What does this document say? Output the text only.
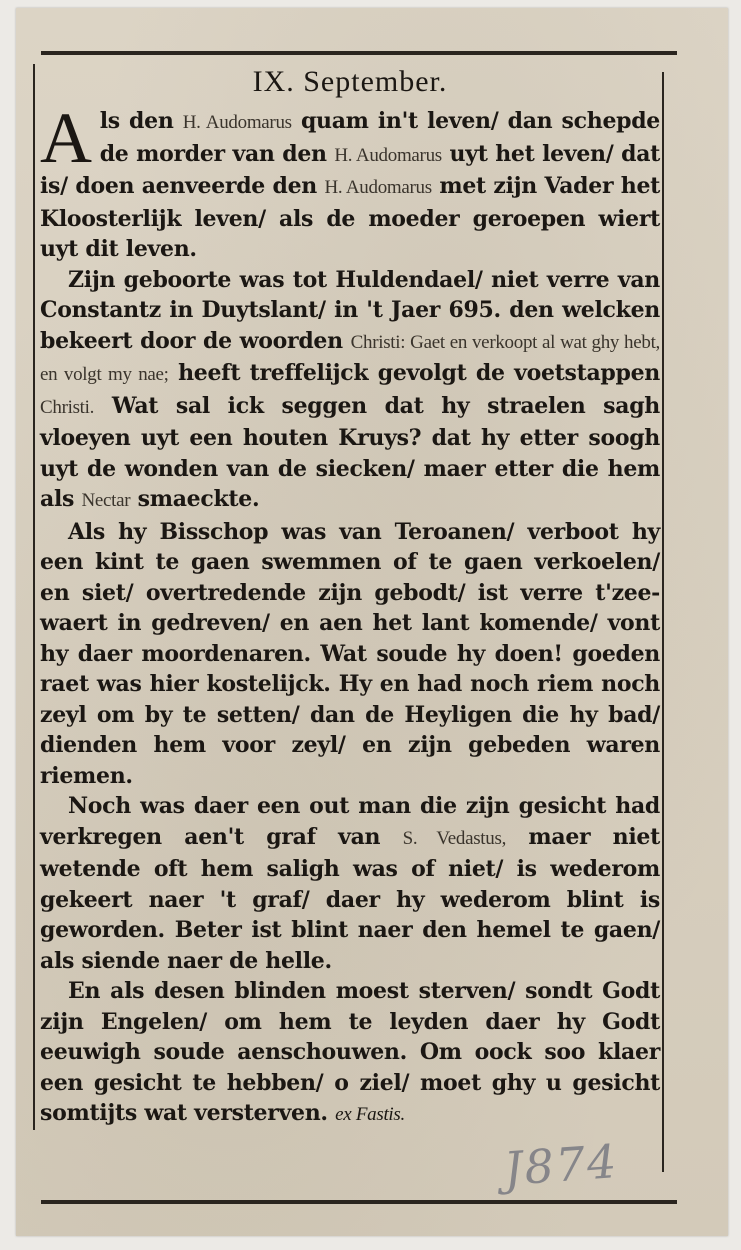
IX. September.

Als den H. Audomarus quam in't leven/ dan schepde de morder van den H. Audomarus uyt het leven/ dat is/ doen aenveerde den H. Audomarus met zijn Vader het Kloosterlijk leven/ als de moeder geroepen wiert uyt dit leven.

Zijn geboorte was tot Huldendael/ niet verre van Constantz in Duytslant/ in 't Jaer 695. den welcken bekeert door de woorden Christi: Gaet en verkoopt al wat ghy hebt, en volgt my nae; heeft treffelijck gevolgt de voetstappen Christi. Wat sal ick seggen dat hy straelen sagh vloeyen uyt een houten Kruys? dat hy etter soogh uyt de wonden van de siecken/ maer etter die hem als Nectar smaeckte.

Als hy Bisschop was van Teroanen/ verboot hy een kint te gaen swemmen of te gaen verkoelen/ en siet/ overtredende zijn gebodt/ ist verre t'zee-waert in gedreven/ en aen het lant komende/ vont hy daer moordenaren. Wat soude hy doen! goeden raet was hier kostelijck. Hy en had noch riem noch zeyl om by te setten/ dan de Heyligen die hy bad/ dienden hem voor zeyl/ en zijn gebeden waren riemen.

Noch was daer een out man die zijn gesicht had verkregen aen't graf van S. Vedastus, maer niet wetende oft hem saligh was of niet/ is wederom gekeert naer 't graf/ daer hy wederom blint is geworden. Beter ist blint naer den hemel te gaen/ als siende naer de helle.

En als desen blinden moest sterven/ sondt Godt zijn Engelen/ om hem te leyden daer hy Godt eeuwigh soude aenschouwen. Om oock soo klaer een gesicht te hebben/ o ziel/ moet ghy u gesicht somtijts wat versterven. ex Fastis.

J874
